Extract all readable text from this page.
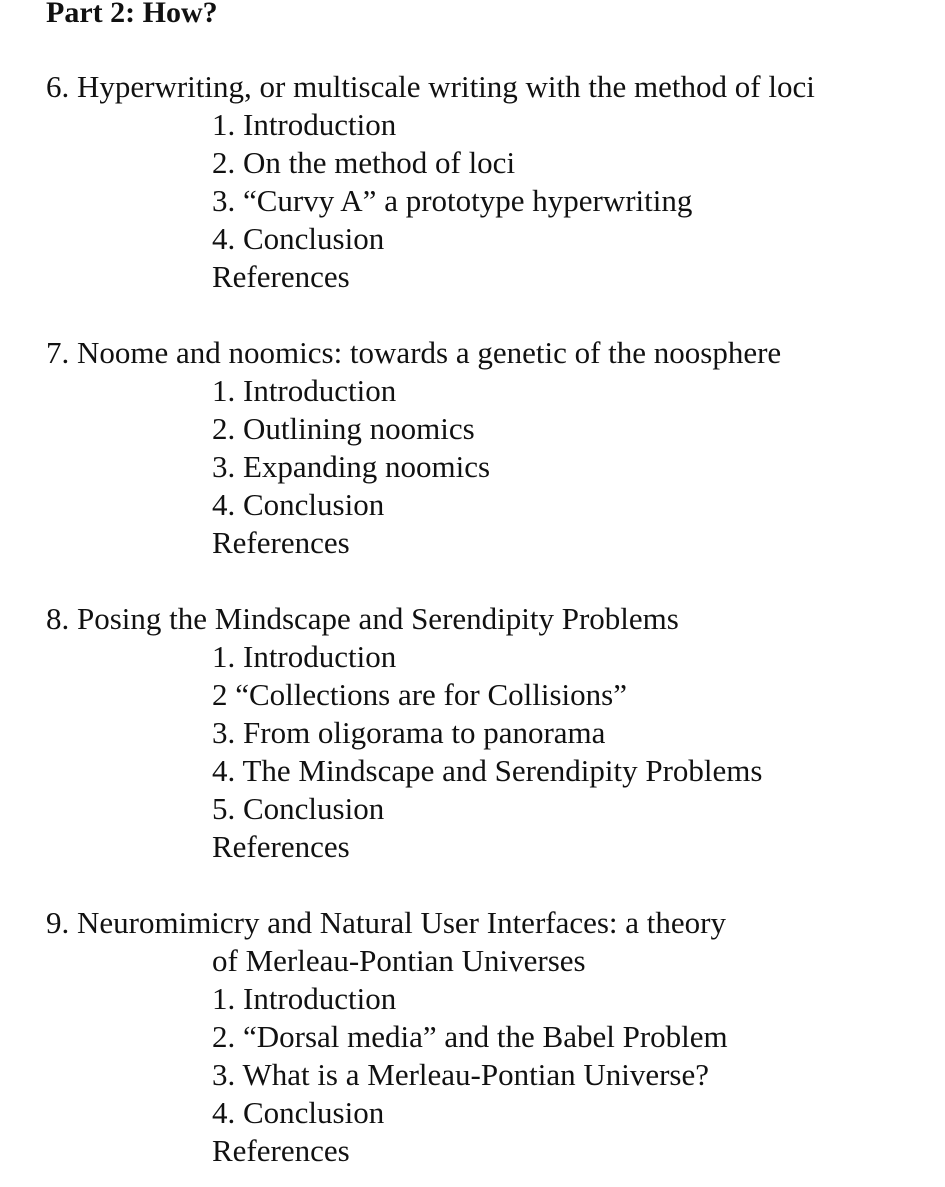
Part 2: How?

6. Hyperwriting, or multiscale writing with the method of loci

1. Introduction
2. On the method of loci
3. “Curvy A” a prototype hyperwriting
4. Conclusion
References

7. Noome and noomics: towards a genetic of the noosphere

1. Introduction
2. Outlining noomics
3. Expanding noomics
4. Conclusion
References

8. Posing the Mindscape and Serendipity Problems

1. Introduction
2 “Collections are for Collisions”
3. From oligorama to panorama
4. The Mindscape and Serendipity Problems
5. Conclusion
References

9. Neuromimicry and Natural User Interfaces: a theory

of Merleau-Pontian Universes

1. Introduction
2. “Dorsal media” and the Babel Problem
3. What is a Merleau-Pontian Universe?
4. Conclusion
References
